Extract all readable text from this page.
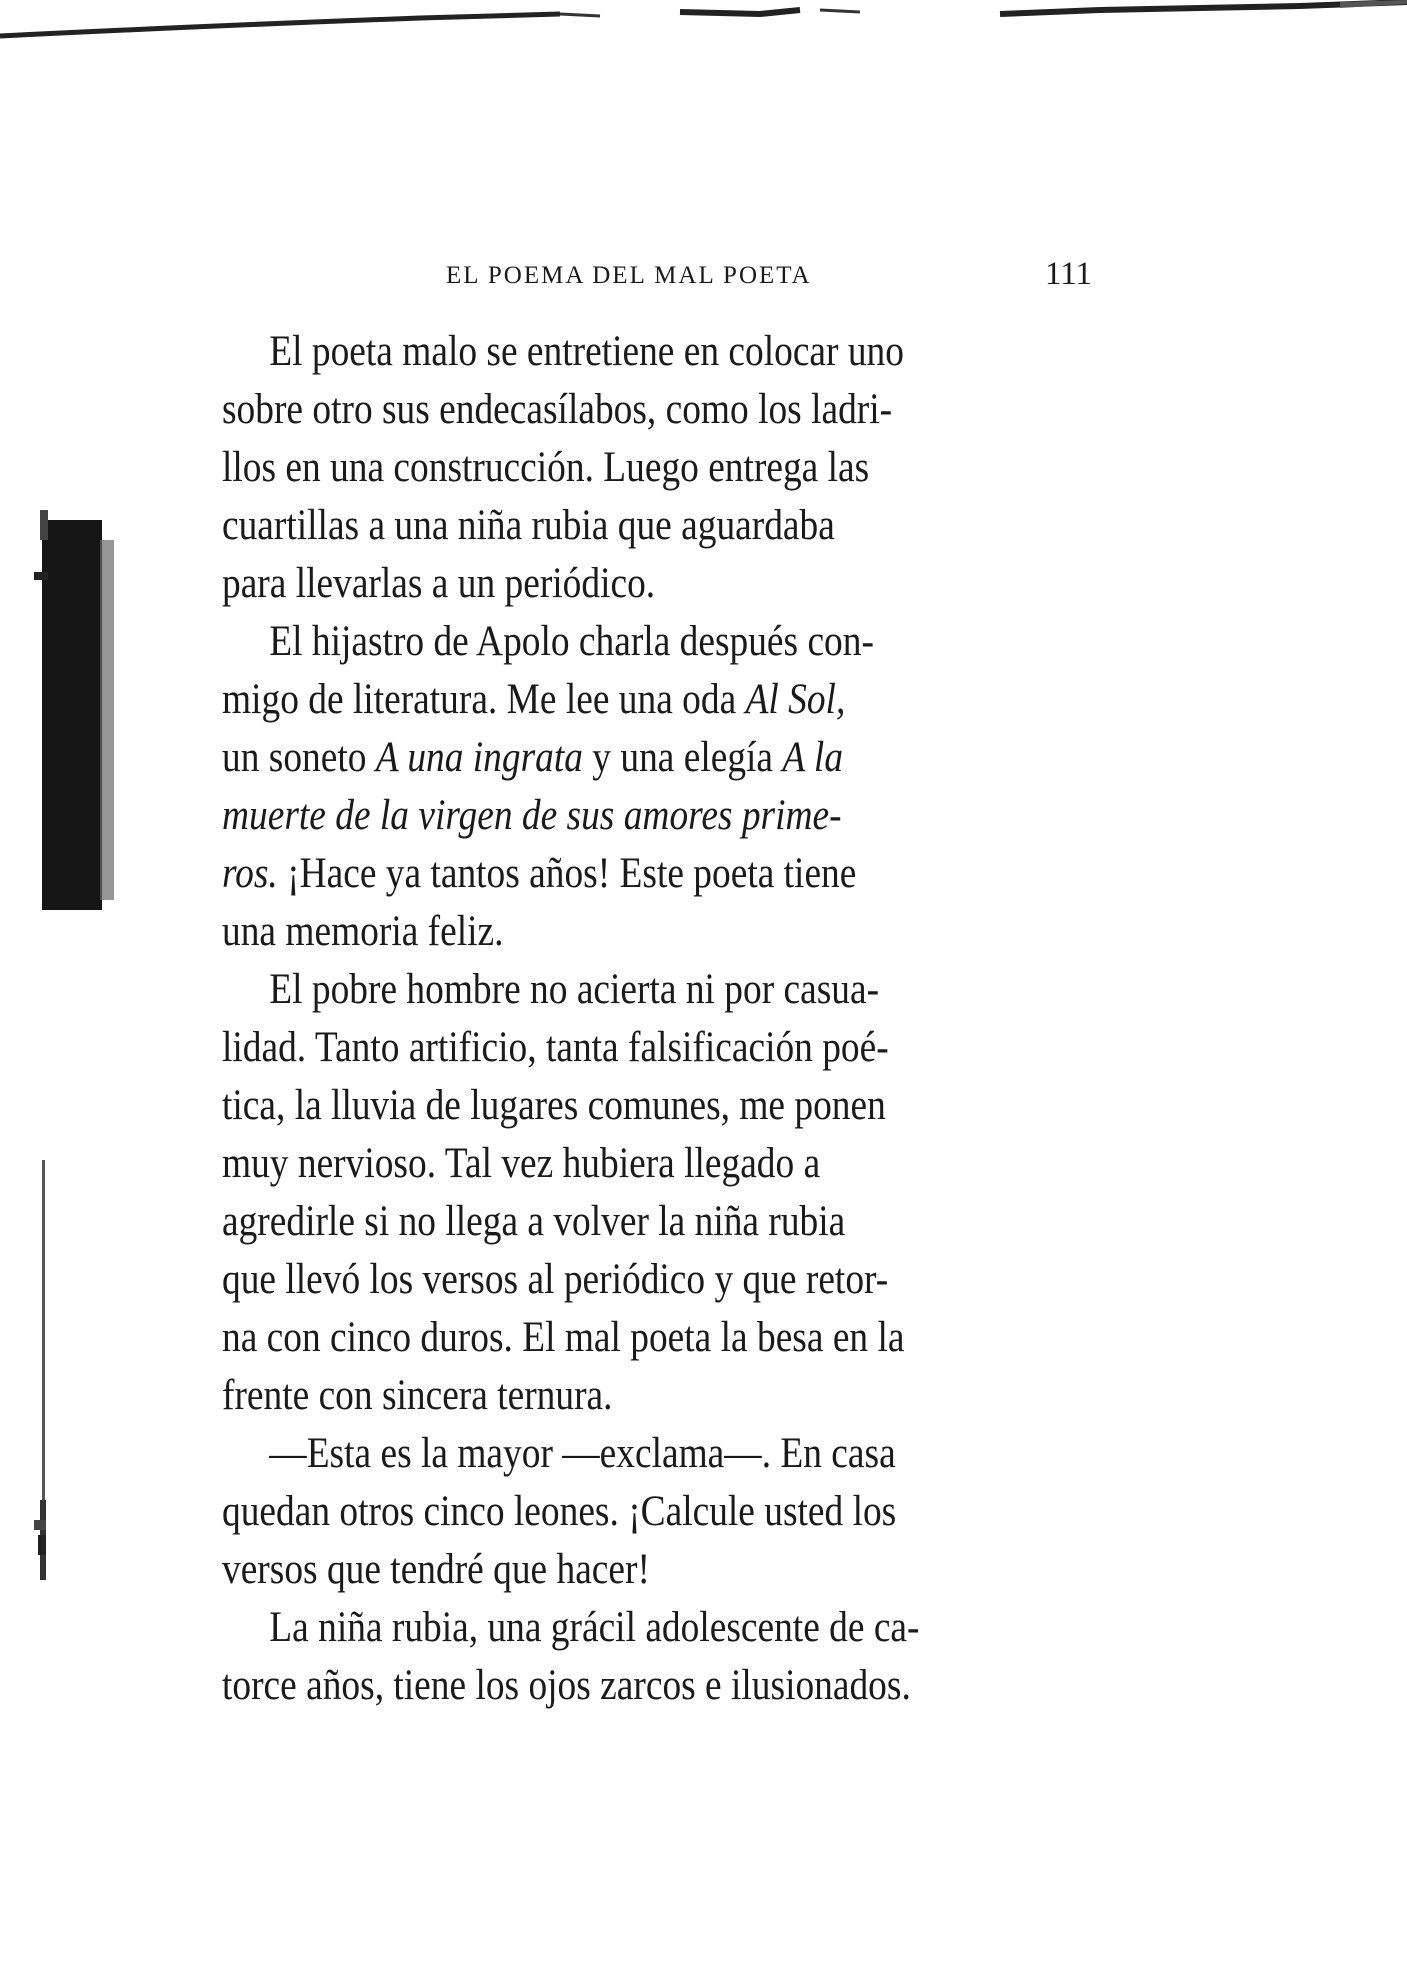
EL POEMA DEL MAL POETA	111
El poeta malo se entretiene en colocar uno
sobre otro sus endecasílabos, como los ladri-
llos en una construcción. Luego entrega las
cuartillas a una niña rubia que aguardaba
para llevarlas a un periódico.
El hijastro de Apolo charla después con-
migo de literatura. Me lee una oda Al Sol,
un soneto A una ingrata y una elegía A la
muerte de la virgen de sus amores prime-
ros. ¡Hace ya tantos años! Este poeta tiene
una memoria feliz.
El pobre hombre no acierta ni por casua-
lidad. Tanto artificio, tanta falsificación poé-
tica, la lluvia de lugares comunes, me ponen
muy nervioso. Tal vez hubiera llegado a
agredirle si no llega a volver la niña rubia
que llevó los versos al periódico y que retor-
na con cinco duros. El mal poeta la besa en la
frente con sincera ternura.
—Esta es la mayor —exclama—. En casa
quedan otros cinco leones. ¡Calcule usted los
versos que tendré que hacer!
La niña rubia, una grácil adolescente de ca-
torce años, tiene los ojos zarcos e ilusionados.
